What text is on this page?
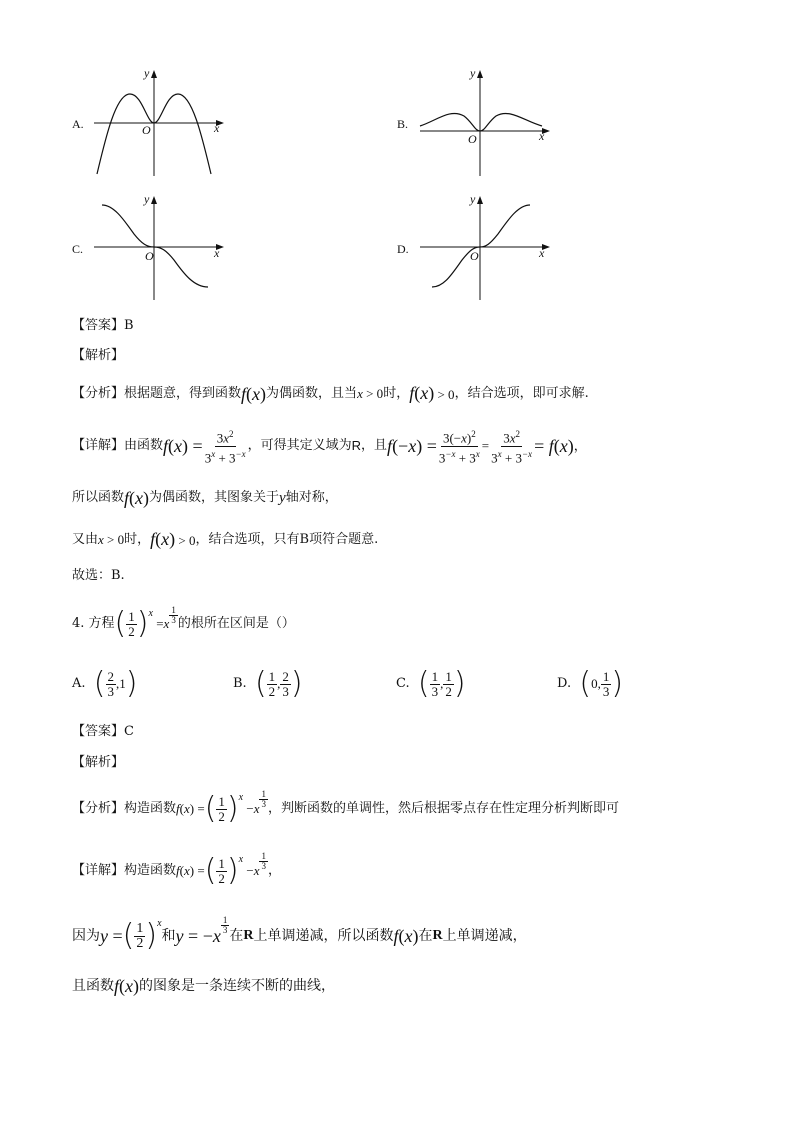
A.
y
x
O	B.
y
x
O
C.
y
x
O	D.
y
x
O
【答案】B
【解析】
【分析】 根据题意，得到函数 f(x) 为偶函数，且当 x > 0 时， f(x) > 0 ，结合选项，即可求解.
【详解】 由函数 $f(x) = \frac{3x^2}{3^x + 3^{-x}}$ ，可得其定义域为 R ，且 $f(-x) = \frac{3(-x)^2}{3^{-x} + 3^x} = \frac{3x^2}{3^x + 3^{-x}} = f(x)$ ，
所以函数 f(x) 为偶函数，其图象关于 y 轴对称，
又由 x > 0 时， f(x) > 0 ，结合选项，只有 B 项符合题意.
故选：B.
4. 方程 ( $\frac{1}{2} )^x$
= x $\frac{1}{3}$ 的根所在区间是（）
A.
( $\frac{2}{3} ,1$ )	B.
( $\frac{1}{2}$ , $\frac{2}{3}$ )	C.
( $\frac{1}{3}$ , $\frac{1}{2}$ )	D.
( 0, $\frac{1}{3}$ )
【答案】C
【解析】
【分析】 构造函数 f(x) = ( $\frac{1}{2} )^x$
− x $\frac{1}{3}$ ，判断函数的单调性，然后根据零点存在性定理分析判断即可
【详解】 构造函数 f(x) = ( $\frac{1}{2} )^x$
− x $\frac{1}{3}$ ，
因为 y = ( $\frac{1}{2} )^x$
和 y = −x
$\frac{1}{3}$
在 R 上单调递减，所以函数 f(x) 在 R 上单调递减，
且函数 f(x) 的图象是一条连续不断的曲线，
